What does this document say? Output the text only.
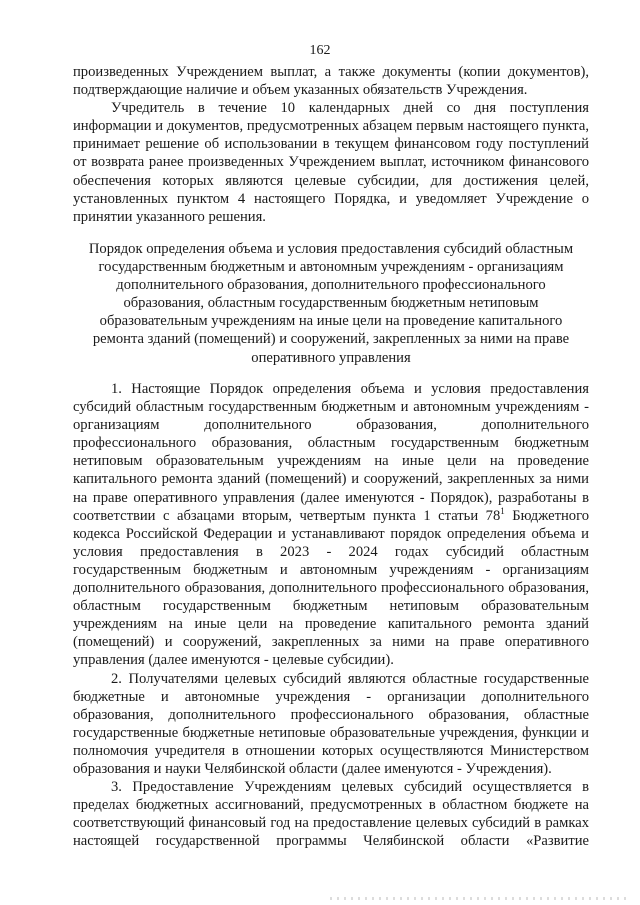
162

произведенных Учреждением выплат, а также документы (копии документов), подтверждающие наличие и объем указанных обязательств Учреждения.

Учредитель в течение 10 календарных дней со дня поступления информации и документов, предусмотренных абзацем первым настоящего пункта, принимает решение об использовании в текущем финансовом году поступлений от возврата ранее произведенных Учреждением выплат, источником финансового обеспечения которых являются целевые субсидии, для достижения целей, установленных пунктом 4 настоящего Порядка, и уведомляет Учреждение о принятии указанного решения.

Порядок определения объема и условия предоставления субсидий областным государственным бюджетным и автономным учреждениям - организациям дополнительного образования, дополнительного профессионального образования, областным государственным бюджетным нетиповым образовательным учреждениям на иные цели на проведение капитального ремонта зданий (помещений) и сооружений, закрепленных за ними на праве оперативного управления

1. Настоящие Порядок определения объема и условия предоставления субсидий областным государственным бюджетным и автономным учреждениям - организациям дополнительного образования, дополнительного профессионального образования, областным государственным бюджетным нетиповым образовательным учреждениям на иные цели на проведение капитального ремонта зданий (помещений) и сооружений, закрепленных за ними на праве оперативного управления (далее именуются - Порядок), разработаны в соответствии с абзацами вторым, четвертым пункта 1 статьи $78^1$ Бюджетного кодекса Российской Федерации и устанавливают порядок определения объема и условия предоставления в 2023 - 2024 годах субсидий областным государственным бюджетным и автономным учреждениям - организациям дополнительного образования, дополнительного профессионального образования, областным государственным бюджетным нетиповым образовательным учреждениям на иные цели на проведение капитального ремонта зданий (помещений) и сооружений, закрепленных за ними на праве оперативного управления (далее именуются - целевые субсидии).

2. Получателями целевых субсидий являются областные государственные бюджетные и автономные учреждения - организации дополнительного образования, дополнительного профессионального образования, областные государственные бюджетные нетиповые образовательные учреждения, функции и полномочия учредителя в отношении которых осуществляются Министерством образования и науки Челябинской области (далее именуются - Учреждения).

3. Предоставление Учреждениям целевых субсидий осуществляется в пределах бюджетных ассигнований, предусмотренных в областном бюджете на соответствующий финансовый год на предоставление целевых субсидий в рамках настоящей государственной программы Челябинской области «Развитие
